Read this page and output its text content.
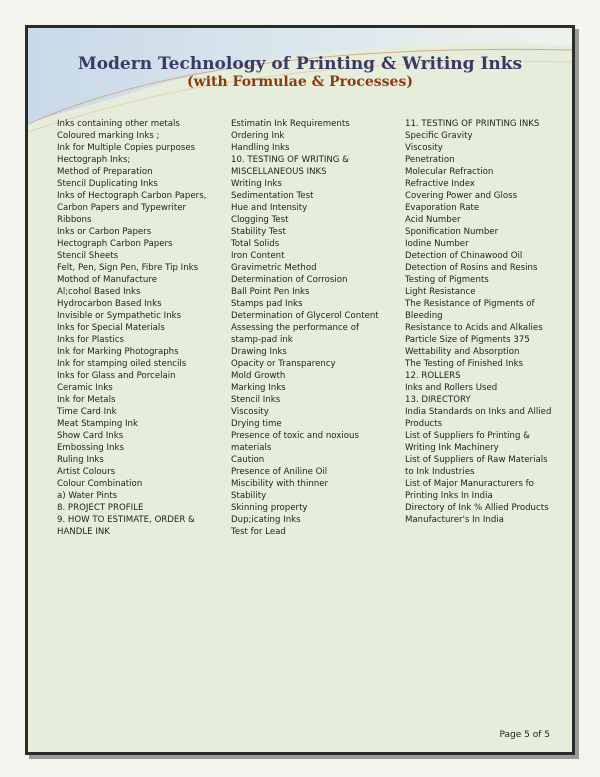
Modern Technology of Printing & Writing Inks
(with Formulae & Processes)
Inks containing other metals
Coloured marking Inks ;
Ink for Multiple Copies purposes
Hectograph Inks;
Method of Preparation
Stencil Duplicating Inks
Inks of Hectograph Carbon Papers,
Carbon Papers and Typewriter
Ribbons
Inks or Carbon Papers
Hectograph Carbon Papers
Stencil Sheets
Felt, Pen, Sign Pen, Fibre Tip Inks
Mothod of Manufacture
Al;cohol Based Inks
Hydrocarbon Based Inks
Invisible or Sympathetic Inks
Inks for Special Materials
Inks for Plastics
Ink for Marking Photographs
Ink for stamping oiled stencils
Inks for Glass and Porcelain
Ceramic Inks
Ink for Metals
Time Card Ink
Meat Stamping Ink
Show Card Inks
Embossing Inks
Ruling Inks
Artist Colours
Colour Combination
a) Water Pints
8. PROJECT PROFILE
9. HOW TO ESTIMATE, ORDER &
HANDLE INK
Estimatin Ink Requirements
Ordering Ink
Handling Inks
10. TESTING OF WRITING &
MISCELLANEOUS INKS
Writing Inks
Sedimentation Test
Hue and Intensity
Clogging Test
Stability Test
Total Solids
Iron Content
Gravimetric Method
Determination of Corrosion
Ball Point Pen Inks
Stamps pad Inks
Determination of Glycerol Content
Assessing the performance of
stamp-pad ink
Drawing Inks
Opacity or Transparency
Mold Growth
Marking Inks
Stencil Inks
Viscosity
Drying time
Presence of toxic and noxious
materials
Caution
Presence of Aniline Oil
Miscibility with thinner
Stability
Skinning property
Dup;icating Inks
Test for Lead
11. TESTING OF PRINTING INKS
Specific Gravity
Viscosity
Penetration
Molecular Refraction
Refractive Index
Covering Power and Gloss
Evaporation Rate
Acid Number
Sponification Number
Iodine Number
Detection of Chinawood Oil
Detection of Rosins and Resins
Testing of Pigments
Light Resistance
The Resistance of Pigments of
Bleeding
Resistance to Acids and Alkalies
Particle Size of Pigments 375
Wettability and Absorption
The Testing of Finished Inks
12. ROLLERS
Inks and Rollers Used
13. DIRECTORY
India Standards on Inks and Allied
Products
List of Suppliers fo Printing &
Writing Ink Machinery
List of Suppliers of Raw Materials
to Ink Industries
List of Major Manuracturers fo
Printing Inks In India
Directory of Ink % Allied Products
Manufacturer's In India
Page 5 of 5
